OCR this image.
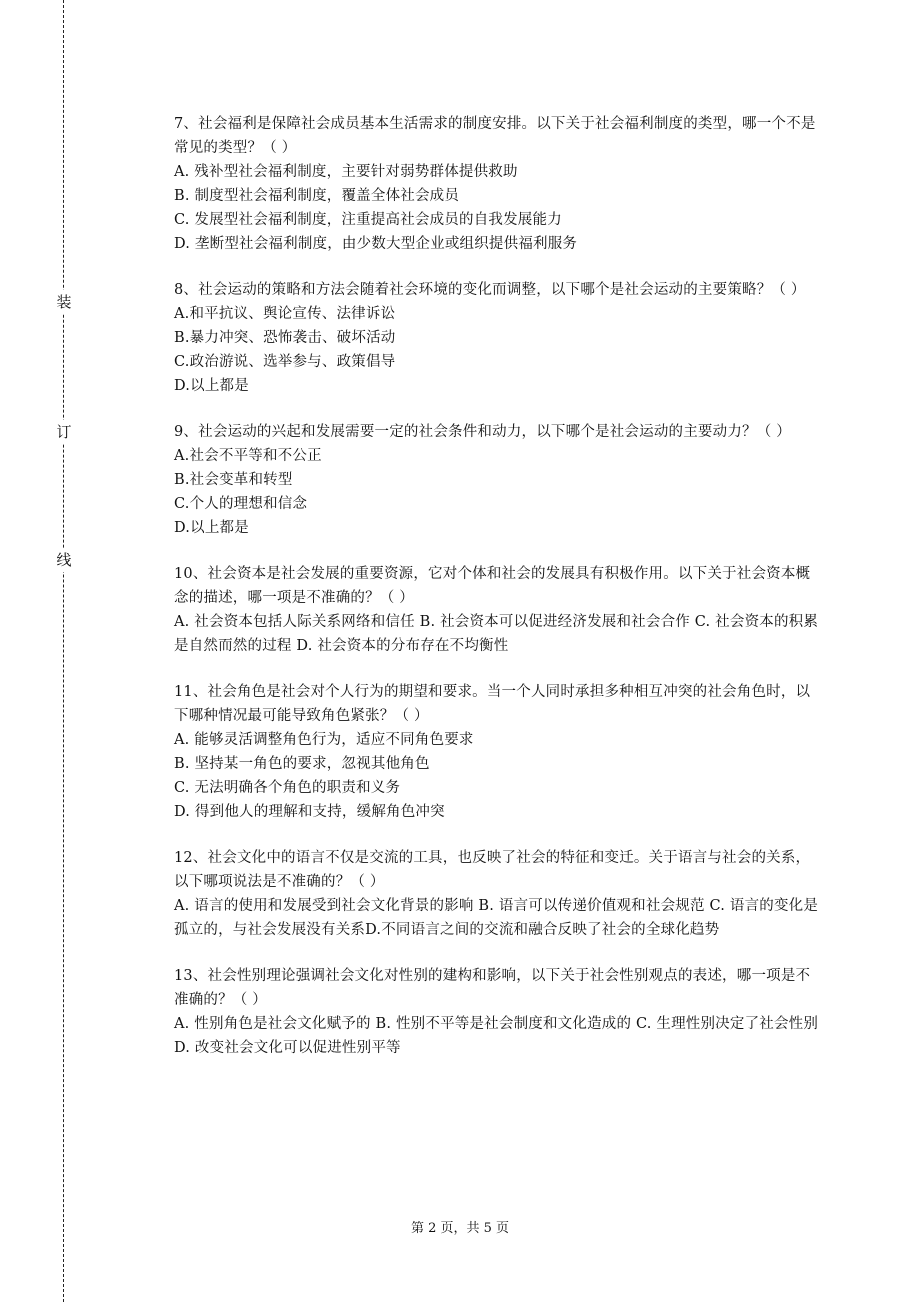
装
订
线

7、社会福利是保障社会成员基本生活需求的制度安排。以下关于社会福利制度的类型，哪一个不是常见的类型？（ ）

A. 残补型社会福利制度，主要针对弱势群体提供救助

B. 制度型社会福利制度，覆盖全体社会成员

C. 发展型社会福利制度，注重提高社会成员的自我发展能力

D. 垄断型社会福利制度，由少数大型企业或组织提供福利服务

8、社会运动的策略和方法会随着社会环境的变化而调整，以下哪个是社会运动的主要策略？（ ）

A.和平抗议、舆论宣传、法律诉讼

B.暴力冲突、恐怖袭击、破坏活动

C.政治游说、选举参与、政策倡导

D.以上都是

9、社会运动的兴起和发展需要一定的社会条件和动力，以下哪个是社会运动的主要动力？（ ）

A.社会不平等和不公正

B.社会变革和转型

C.个人的理想和信念

D.以上都是

10、社会资本是社会发展的重要资源，它对个体和社会的发展具有积极作用。以下关于社会资本概念的描述，哪一项是不准确的？（ ）

A. 社会资本包括人际关系网络和信任 B. 社会资本可以促进经济发展和社会合作 C. 社会资本的积累是自然而然的过程 D. 社会资本的分布存在不均衡性

11、社会角色是社会对个人行为的期望和要求。当一个人同时承担多种相互冲突的社会角色时，以下哪种情况最可能导致角色紧张？（ ）

A. 能够灵活调整角色行为，适应不同角色要求

B. 坚持某一角色的要求，忽视其他角色

C. 无法明确各个角色的职责和义务

D. 得到他人的理解和支持，缓解角色冲突

12、社会文化中的语言不仅是交流的工具，也反映了社会的特征和变迁。关于语言与社会的关系，以下哪项说法是不准确的？（ ）

A. 语言的使用和发展受到社会文化背景的影响 B. 语言可以传递价值观和社会规范 C. 语言的变化是孤立的，与社会发展没有关系D.不同语言之间的交流和融合反映了社会的全球化趋势

13、社会性别理论强调社会文化对性别的建构和影响，以下关于社会性别观点的表述，哪一项是不准确的？（ ）

A. 性别角色是社会文化赋予的 B. 性别不平等是社会制度和文化造成的 C. 生理性别决定了社会性别 D. 改变社会文化可以促进性别平等

第 2 页，共 5 页
